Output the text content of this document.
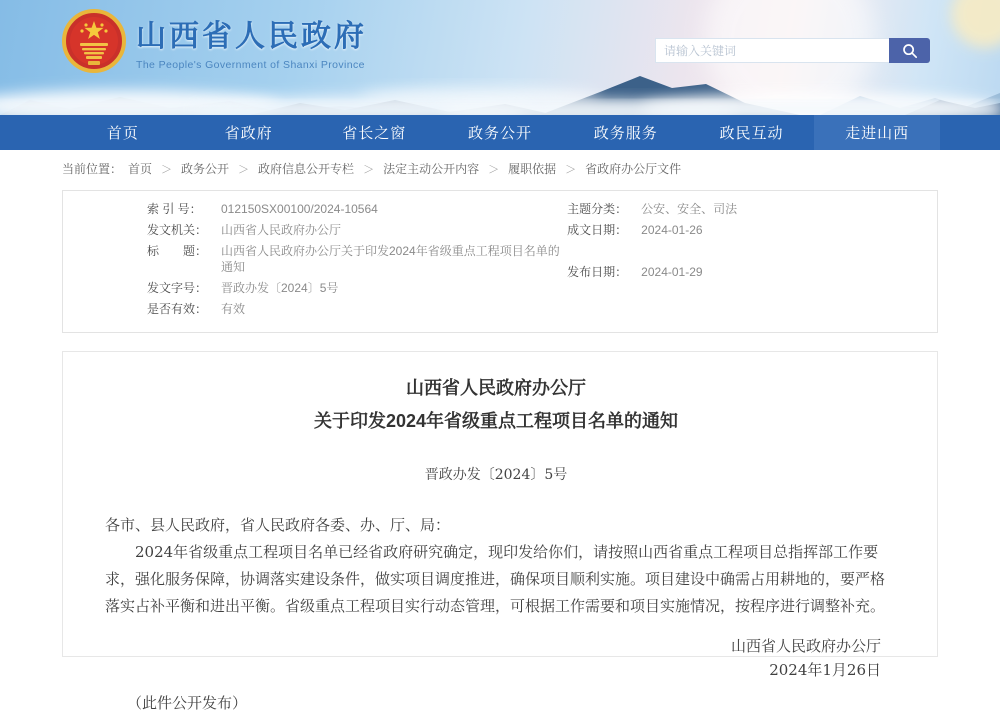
山西省人民政府
The People's Government of Shanxi Province
请输入关键词
首页	省政府	省长之窗	政务公开	政务服务	政民互动	走进山西
当前位置： 首页 ＞ 政务公开 ＞ 政府信息公开专栏 ＞ 法定主动公开内容 ＞ 履职依据 ＞ 省政府办公厅文件
索 引 号：	012150SX00100/2024-10564
发文机关： 山西省人民政府办公厅
标　　题： 山西省人民政府办公厅关于印发2024年省级重点工程项目名单的通知
发文字号： 晋政办发〔2024〕5号
是否有效： 有效
主题分类： 公安、安全、司法
成文日期： 2024-01-26
发布日期： 2024-01-29
山西省人民政府办公厅
关于印发2024年省级重点工程项目名单的通知
晋政办发〔2024〕5号
各市、县人民政府，省人民政府各委、办、厅、局：
2024年省级重点工程项目名单已经省政府研究确定，现印发给你们，请按照山西省重点工程项目总指挥部工作要求，强化服务保障，协调落实建设条件，做实项目调度推进，确保项目顺利实施。项目建设中确需占用耕地的，要严格落实占补平衡和进出平衡。省级重点工程项目实行动态管理，可根据工作需要和项目实施情况，按程序进行调整补充。
山西省人民政府办公厅
2024年1月26日
（此件公开发布）
